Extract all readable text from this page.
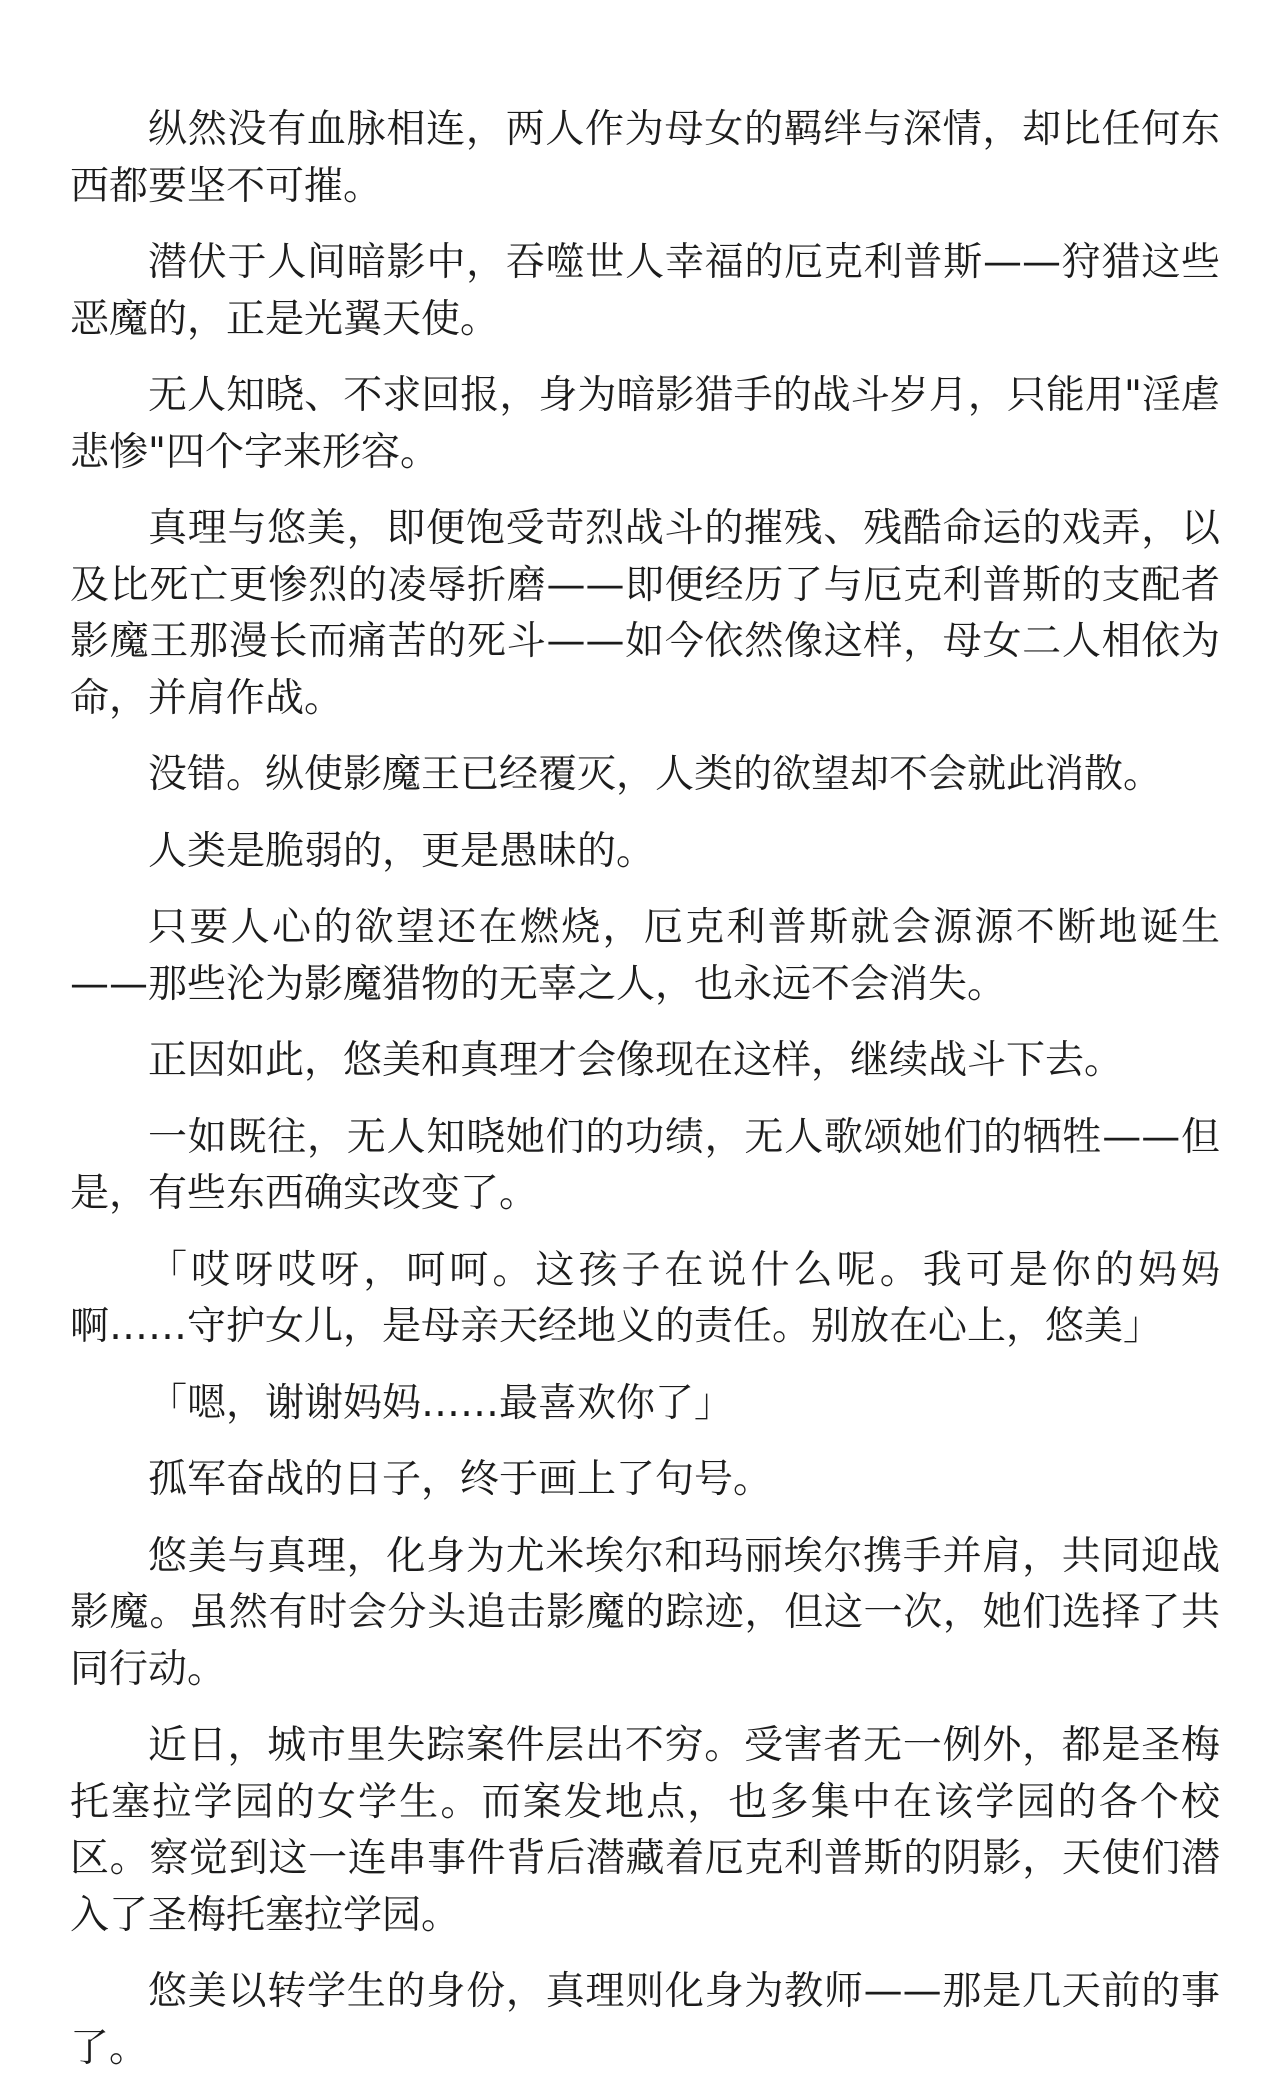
纵然没有血脉相连，两人作为母女的羁绊与深情，却比任何东西都要坚不可摧。

潜伏于人间暗影中，吞噬世人幸福的厄克利普斯——狩猎这些恶魔的，正是光翼天使。

无人知晓、不求回报，身为暗影猎手的战斗岁月，只能用"淫虐悲惨"四个字来形容。

真理与悠美，即便饱受苛烈战斗的摧残、残酷命运的戏弄，以及比死亡更惨烈的凌辱折磨——即便经历了与厄克利普斯的支配者影魔王那漫长而痛苦的死斗——如今依然像这样，母女二人相依为命，并肩作战。

没错。纵使影魔王已经覆灭，人类的欲望却不会就此消散。

人类是脆弱的，更是愚昧的。

只要人心的欲望还在燃烧，厄克利普斯就会源源不断地诞生——那些沦为影魔猎物的无辜之人，也永远不会消失。

正因如此，悠美和真理才会像现在这样，继续战斗下去。

一如既往，无人知晓她们的功绩，无人歌颂她们的牺牲——但是，有些东西确实改变了。

「哎呀哎呀，呵呵。这孩子在说什么呢。我可是你的妈妈啊……守护女儿，是母亲天经地义的责任。别放在心上，悠美」

「嗯，谢谢妈妈……最喜欢你了」

孤军奋战的日子，终于画上了句号。

悠美与真理，化身为尤米埃尔和玛丽埃尔携手并肩，共同迎战影魔。虽然有时会分头追击影魔的踪迹，但这一次，她们选择了共同行动。

近日，城市里失踪案件层出不穷。受害者无一例外，都是圣梅托塞拉学园的女学生。而案发地点，也多集中在该学园的各个校区。察觉到这一连串事件背后潜藏着厄克利普斯的阴影，天使们潜入了圣梅托塞拉学园。

悠美以转学生的身份，真理则化身为教师——那是几天前的事了。
